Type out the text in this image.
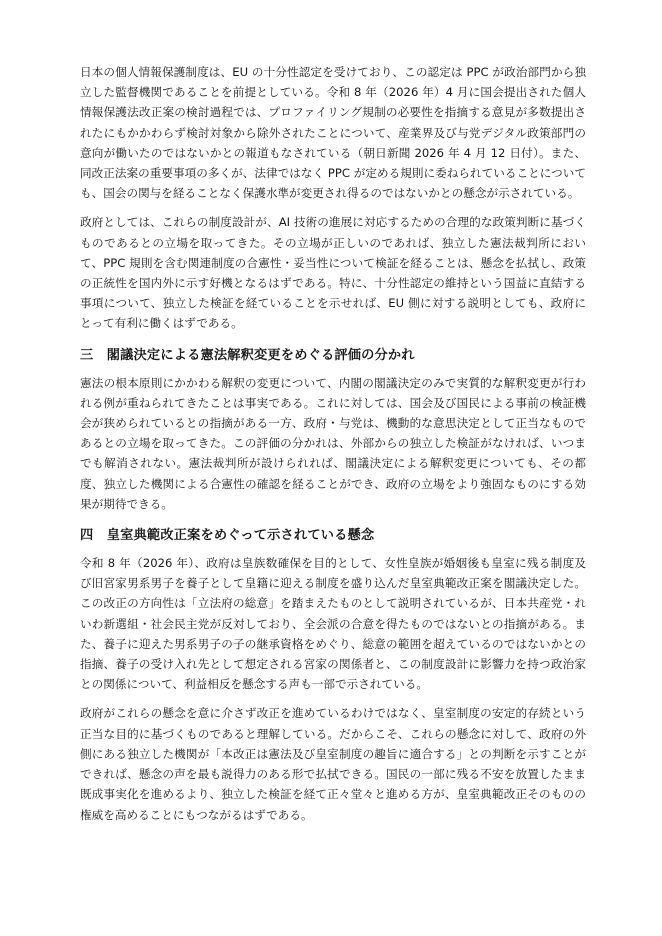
日本の個人情報保護制度は、EU の十分性認定を受けており、この認定は PPC が政治部門から独立した監督機関であることを前提としている。令和 8 年（2026 年）4 月に国会提出された個人情報保護法改正案の検討過程では、プロファイリング規制の必要性を指摘する意見が多数提出されたにもかかわらず検討対象から除外されたことについて、産業界及び与党デジタル政策部門の意向が働いたのではないかとの報道もなされている（朝日新聞 2026 年 4 月 12 日付）。また、同改正法案の重要事項の多くが、法律ではなく PPC が定める規則に委ねられていることについても、国会の関与を経ることなく保護水準が変更され得るのではないかとの懸念が示されている。

政府としては、これらの制度設計が、AI 技術の進展に対応するための合理的な政策判断に基づくものであるとの立場を取ってきた。その立場が正しいのであれば、独立した憲法裁判所において、PPC 規則を含む関連制度の合憲性・妥当性について検証を経ることは、懸念を払拭し、政策の正統性を国内外に示す好機となるはずである。特に、十分性認定の維持という国益に直結する事項について、独立した検証を経ていることを示せれば、EU 側に対する説明としても、政府にとって有利に働くはずである。

三　閣議決定による憲法解釈変更をめぐる評価の分かれ

憲法の根本原則にかかわる解釈の変更について、内閣の閣議決定のみで実質的な解釈変更が行われる例が重ねられてきたことは事実である。これに対しては、国会及び国民による事前の検証機会が狭められているとの指摘がある一方、政府・与党は、機動的な意思決定として正当なものであるとの立場を取ってきた。この評価の分かれは、外部からの独立した検証がなければ、いつまでも解消されない。憲法裁判所が設けられれば、閣議決定による解釈変更についても、その都度、独立した機関による合憲性の確認を経ることができ、政府の立場をより強固なものにする効果が期待できる。

四　皇室典範改正案をめぐって示されている懸念

令和 8 年（2026 年）、政府は皇族数確保を目的として、女性皇族が婚姻後も皇室に残る制度及び旧宮家男系男子を養子として皇籍に迎える制度を盛り込んだ皇室典範改正案を閣議決定した。この改正の方向性は「立法府の総意」を踏まえたものとして説明されているが、日本共産党・れいわ新選組・社会民主党が反対しており、全会派の合意を得たものではないとの指摘がある。また、養子に迎えた男系男子の子の継承資格をめぐり、総意の範囲を超えているのではないかとの指摘、養子の受け入れ先として想定される宮家の関係者と、この制度設計に影響力を持つ政治家との関係について、利益相反を懸念する声も一部で示されている。

政府がこれらの懸念を意に介さず改正を進めているわけではなく、皇室制度の安定的存続という正当な目的に基づくものであると理解している。だからこそ、これらの懸念に対して、政府の外側にある独立した機関が「本改正は憲法及び皇室制度の趣旨に適合する」との判断を示すことができれば、懸念の声を最も説得力のある形で払拭できる。国民の一部に残る不安を放置したまま既成事実化を進めるより、独立した検証を経て正々堂々と進める方が、皇室典範改正そのものの権威を高めることにもつながるはずである。
